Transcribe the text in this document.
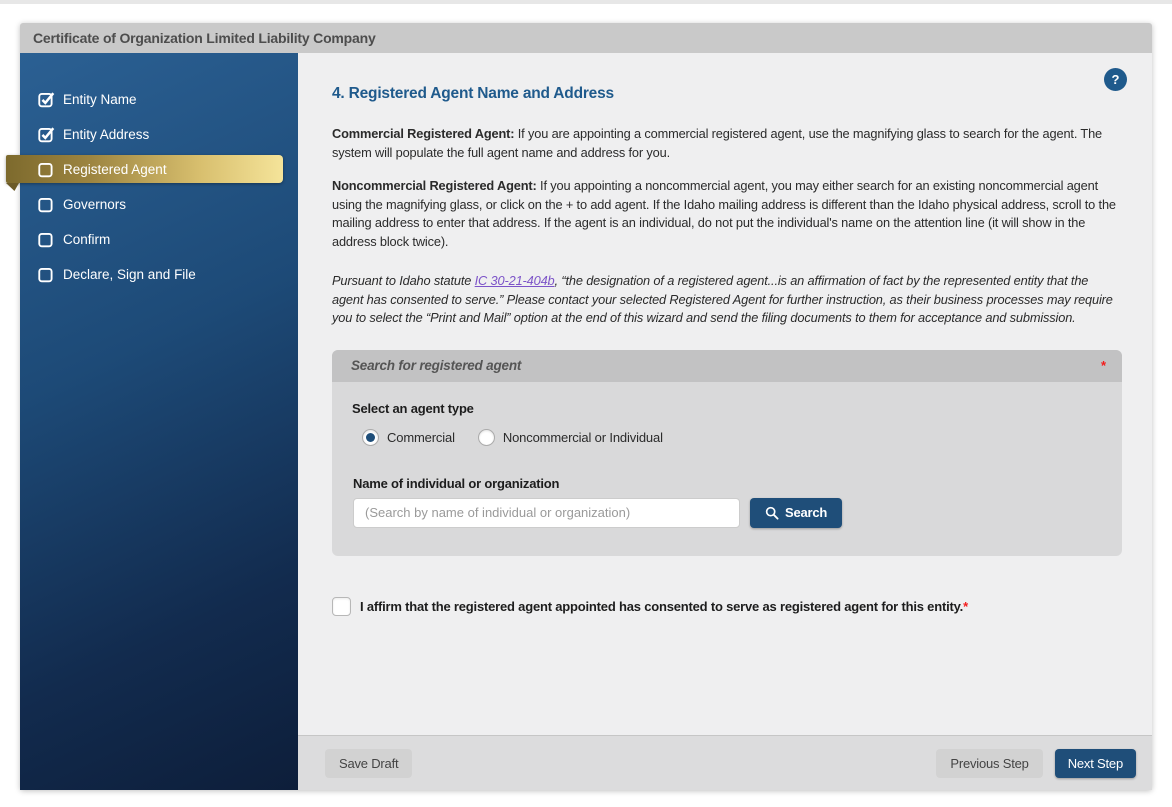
Certificate of Organization Limited Liability Company
Entity Name
Entity Address
Registered Agent
Governors
Confirm
Declare, Sign and File
?
4. Registered Agent Name and Address

Commercial Registered Agent: If you are appointing a commercial registered agent, use the magnifying glass to search for the agent. The system will populate the full agent name and address for you.

Noncommercial Registered Agent: If you appointing a noncommercial agent, you may either search for an existing noncommercial agent using the magnifying glass, or click on the + to add agent. If the Idaho mailing address is different than the Idaho physical address, scroll to the mailing address to enter that address. If the agent is an individual, do not put the individual's name on the attention line (it will show in the address block twice).

Pursuant to Idaho statute IC 30-21-404b, “the designation of a registered agent...is an affirmation of fact by the represented entity that the agent has consented to serve.” Please contact your selected Registered Agent for further instruction, as their business processes may require you to select the “Print and Mail” option at the end of this wizard and send the filing documents to them for acceptance and submission.

Search for registered agent	*
Select an agent type
Commercial	Noncommercial or Individual
Name of individual or organization
(Search by name of individual or organization)
Search
I affirm that the registered agent appointed has consented to serve as registered agent for this entity.*
Save Draft	Previous Step	Next Step
